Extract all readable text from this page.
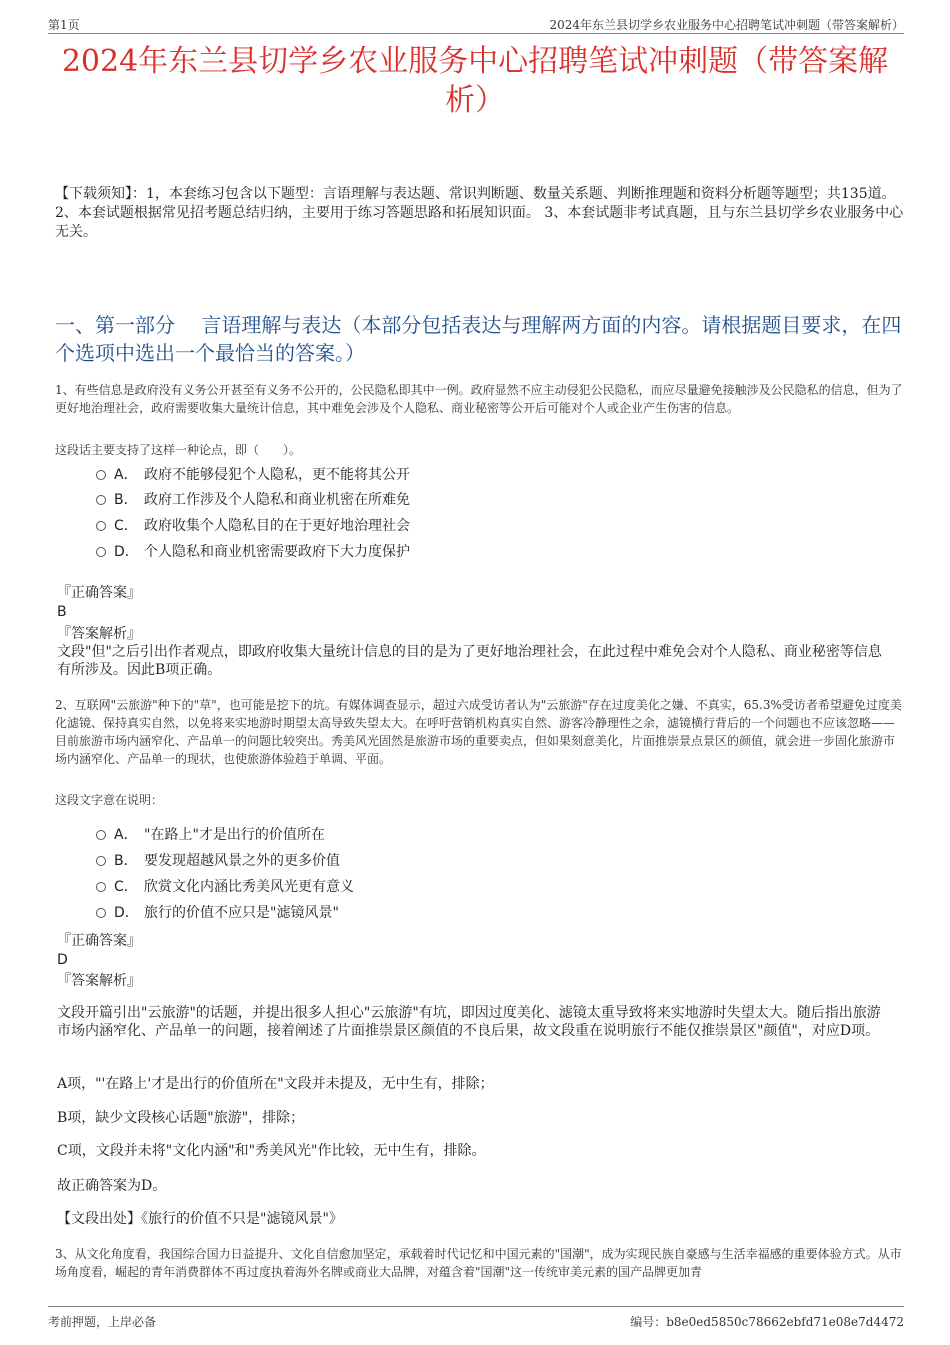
第1页	2024年东兰县切学乡农业服务中心招聘笔试冲刺题（带答案解析）
2024年东兰县切学乡农业服务中心招聘笔试冲刺题（带答案解析）
【下载须知】：1，本套练习包含以下题型：言语理解与表达题、常识判断题、数量关系题、判断推理题和资料分析题等题型；共135道。 2、本套试题根据常见招考题总结归纳，主要用于练习答题思路和拓展知识面。 3、本套试题非考试真题，且与东兰县切学乡农业服务中心无关。
一、第一部分　 言语理解与表达（本部分包括表达与理解两方面的内容。请根据题目要求，在四个选项中选出一个最恰当的答案。）
1、有些信息是政府没有义务公开甚至有义务不公开的，公民隐私即其中一例。政府显然不应主动侵犯公民隐私，而应尽量避免接触涉及公民隐私的信息，但为了更好地治理社会，政府需要收集大量统计信息，其中难免会涉及个人隐私、商业秘密等公开后可能对个人或企业产生伤害的信息。
这段话主要支持了这样一种论点，即（　　）。
A． 政府不能够侵犯个人隐私，更不能将其公开
B． 政府工作涉及个人隐私和商业机密在所难免
C． 政府收集个人隐私目的在于更好地治理社会
D． 个人隐私和商业机密需要政府下大力度保护
『正确答案』
B
『答案解析』
文段"但"之后引出作者观点，即政府收集大量统计信息的目的是为了更好地治理社会，在此过程中难免会对个人隐私、商业秘密等信息有所涉及。因此B项正确。
2、互联网"云旅游"种下的"草"，也可能是挖下的坑。有媒体调查显示，超过六成受访者认为"云旅游"存在过度美化之嫌、不真实，65.3%受访者希望避免过度美化滤镜、保持真实自然，以免将来实地游时期望太高导致失望太大。在呼吁营销机构真实自然、游客冷静理性之余，滤镜横行背后的一个问题也不应该忽略——目前旅游市场内涵窄化、产品单一的问题比较突出。秀美风光固然是旅游市场的重要卖点，但如果刻意美化，片面推崇景点景区的颜值，就会进一步固化旅游市场内涵窄化、产品单一的现状，也使旅游体验趋于单调、平面。
这段文字意在说明：
A． "在路上"才是出行的价值所在
B． 要发现超越风景之外的更多价值
C． 欣赏文化内涵比秀美风光更有意义
D． 旅行的价值不应只是"滤镜风景"
『正确答案』
D
『答案解析』
文段开篇引出"云旅游"的话题，并提出很多人担心"云旅游"有坑，即因过度美化、滤镜太重导致将来实地游时失望太大。随后指出旅游市场内涵窄化、产品单一的问题，接着阐述了片面推崇景区颜值的不良后果，故文段重在说明旅行不能仅推崇景区"颜值"，对应D项。
A项，"'在路上'才是出行的价值所在"文段并未提及，无中生有，排除；
B项，缺少文段核心话题"旅游"，排除；
C项，文段并未将"文化内涵"和"秀美风光"作比较，无中生有，排除。
故正确答案为D。
【文段出处】《旅行的价值不只是"滤镜风景"》
3、从文化角度看，我国综合国力日益提升、文化自信愈加坚定，承载着时代记忆和中国元素的"国潮"，成为实现民族自豪感与生活幸福感的重要体验方式。从市场角度看，崛起的青年消费群体不再过度执着海外名牌或商业大品牌，对蕴含着"国潮"这一传统审美元素的国产品牌更加青
考前押题，上岸必备	编号：b8e0ed5850c78662ebfd71e08e7d4472
